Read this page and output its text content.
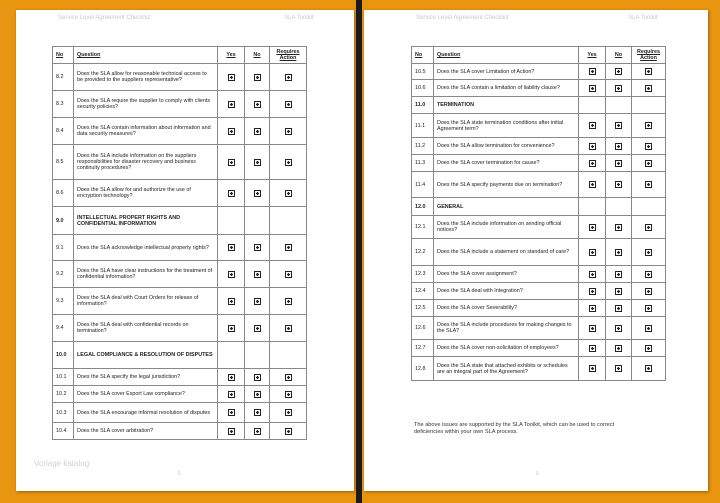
Service Level Agreement Checklist	SLA Toolkit	Service Level Agreement Checklist	SLA Toolkit
No	Question	Yes	No	Requires Action
8.2	Does the SLA allow for reasonable technical access to be provided to the suppliers representative?			
8.3	Does the SLA require the supplier to comply with clients security policies?			
8.4	Does the SLA contain information about information and data security measures?			
8.5	Does the SLA include information on the suppliers responsibilities for disaster recovery and business continuity procedures?			
8.6	Does the SLA allow for and authorize the use of encryption technology?			
9.0	INTELLECTUAL PROPERT RIGHTS AND CONFIDENTIAL INFORMATION			
9.1	Does the SLA acknowledge intellectual property rights?			
9.2	Does the SLA have clear instructions for the treatment of confidential information?			
9.3	Does the SLA deal with Court Orders for release of information?			
9.4	Does the SLA deal with confidential records on termination?			
10.0	LEGAL COMPLIANCE & RESOLUTION OF DISPUTES			
10.1	Does the SLA specify the legal jurisdiction?			
10.2	Does the SLA cover Export Law compliance?			
10.3	Does the SLA encourage informal resolution of disputes			
10.4	Does the SLA cover arbitration?			
No	Question	Yes	No	Requires Action
10.5	Does the SLA cover Limitation of Action?			
10.6	Does the SLA contain a limitation of liability clause?			
11.0	TERMINATION			
11.1	Does the SLA state termination conditions after initial Agreement term?			
11.2	Does the SLA allow termination for convenience?			
11.3	Does the SLA cover termination for cause?			
11.4	Does the SLA specify payments due on termination?			
12.0	GENERAL			
12.1	Does the SLA include information on sending official notices?			
12.2	Does the SLA include a statement on standard of care?			
12.3	Does the SLA cover assignment?			
12.4	Does the SLA deal with Integration?			
12.5	Does the SLA cover Severability?			
12.6	Does the SLA include procedures for making changes to the SLA?			
12.7	Does the SLA cover non-solicitation of employees?			
12.8	Does the SLA state that attached exhibits or schedules are an integral part of the Agreement?			
The above issues are supported by the SLA Toolkit, which can be used to correct deficiencies within your own SLA process.
Vorlage katalog
5	6
